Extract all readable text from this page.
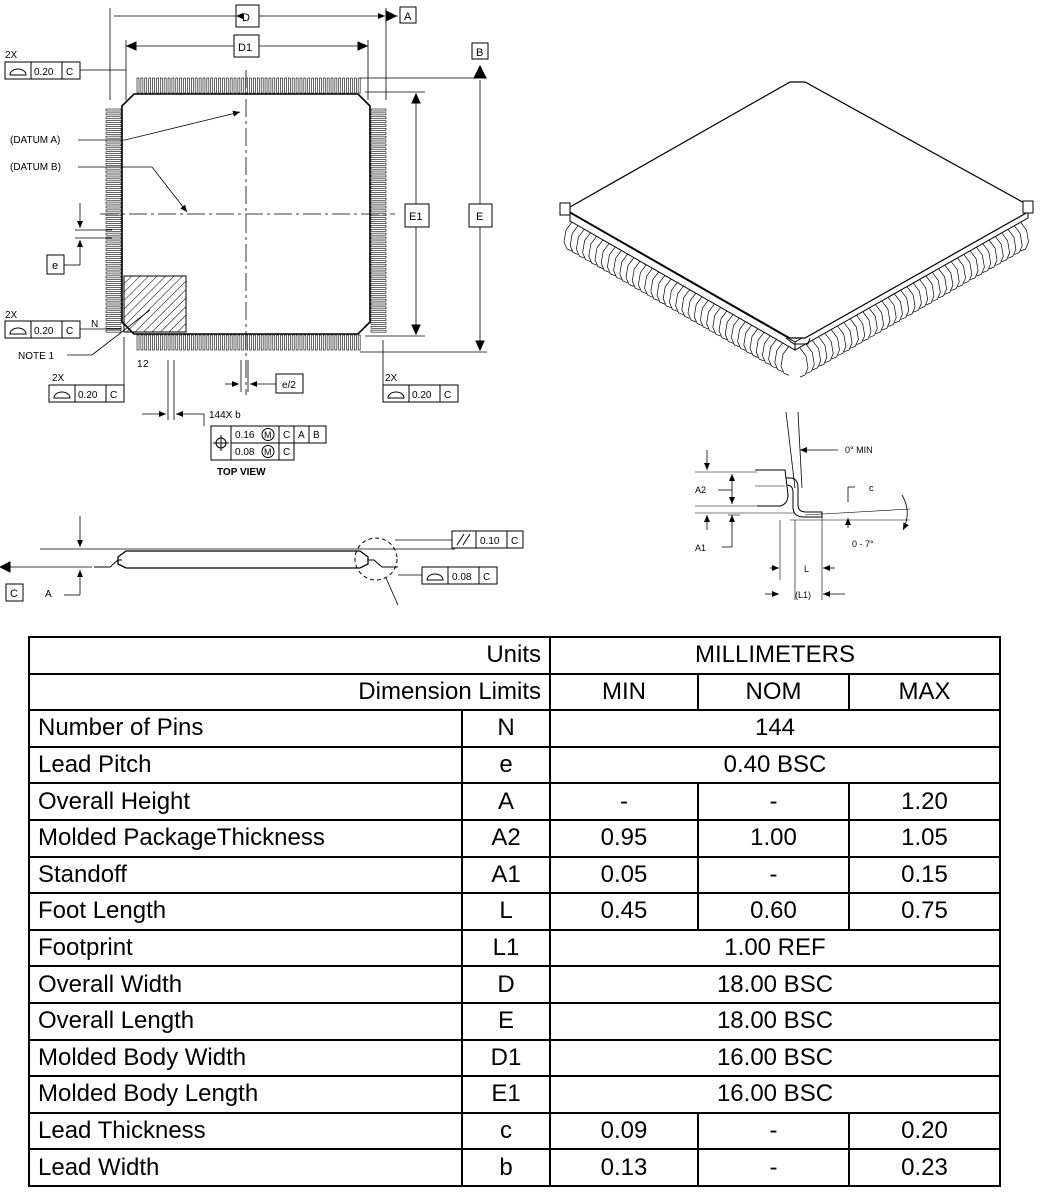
D	A
D1	B
E1	E
(DATUM A)
(DATUM B)
e
N
NOTE 1
1 2
e/2
144X b
TOP VIEW
2X
0.20 C
2X
0.20 C
2X
0.20 C
2X
0.20 C
0.16 M C A B
0.08 M C
C	A
0.10 C
0.08 C
0° MIN
A2
A1
c
0 - 7°
L
(L1)
Units		MILLIMETERS		
Dimension Limits		MIN	NOM	MAX
Number of Pins	N	144		
Lead Pitch	e	0.40 BSC		
Overall Height	A	-	-	1.20
Molded PackageThickness	A2	0.95	1.00	1.05
Standoff	A1	0.05	-	0.15
Foot Length	L	0.45	0.60	0.75
Footprint	L1	1.00 REF		
Overall Width	D	18.00 BSC		
Overall Length	E	18.00 BSC		
Molded Body Width	D1	16.00 BSC		
Molded Body Length	E1	16.00 BSC		
Lead Thickness	c	0.09	-	0.20
Lead Width	b	0.13	-	0.23
